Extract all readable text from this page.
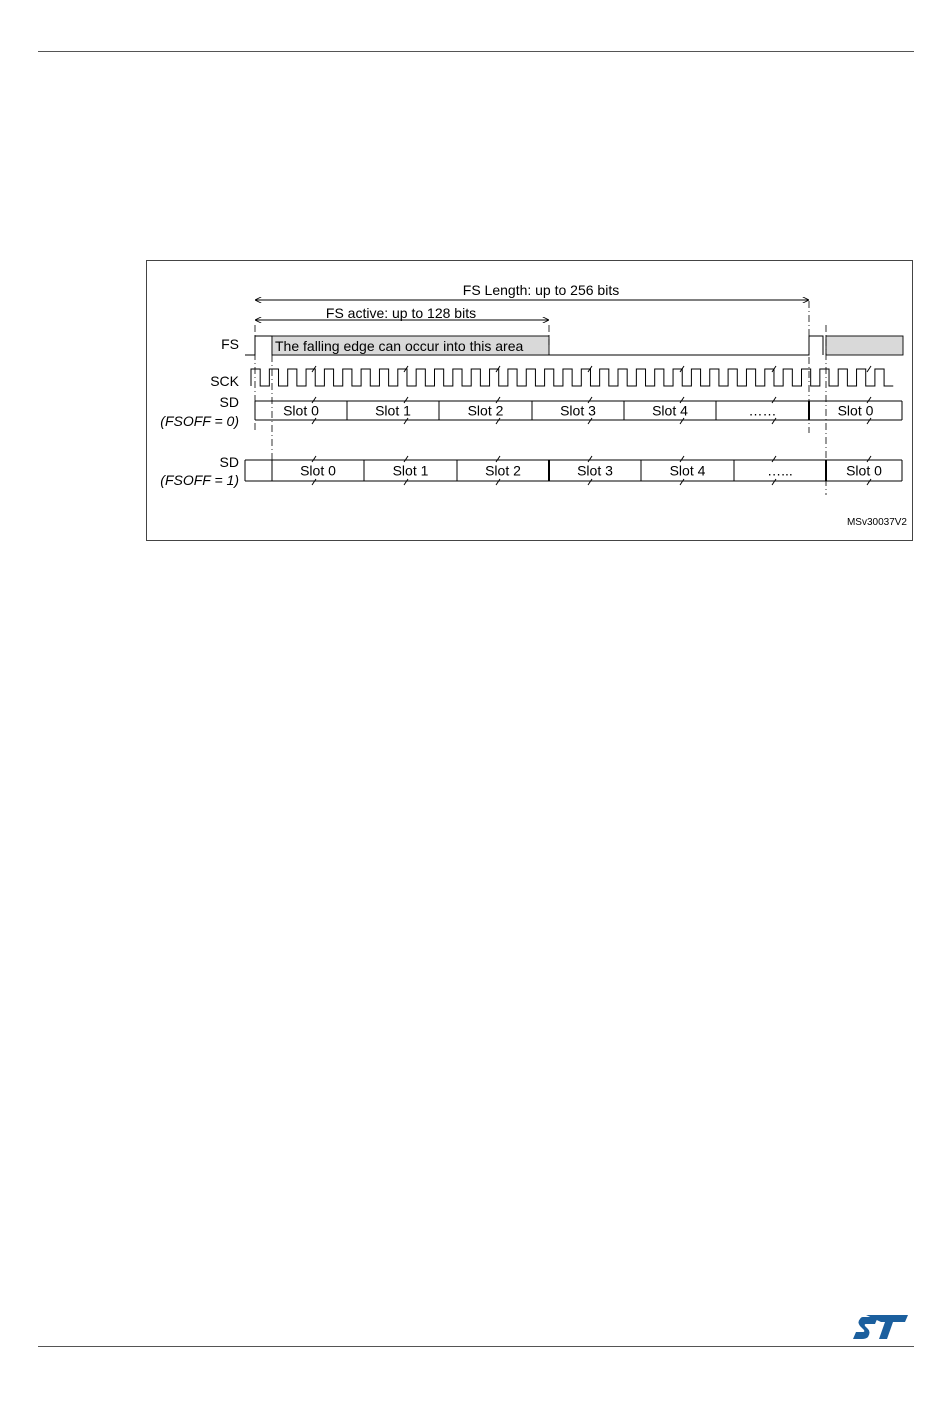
FS Length: up to 256 bits
FS active: up to 128 bits
FS
SCK
SD
(FSOFF = 0)
SD
(FSOFF = 1)
The falling edge can occur into this area
Slot 0	Slot 1	Slot 2	Slot 3	Slot 4	……	Slot 0
Slot 0	Slot 1	Slot 2	Slot 3	Slot 4	…...	Slot 0
MSv30037V2
